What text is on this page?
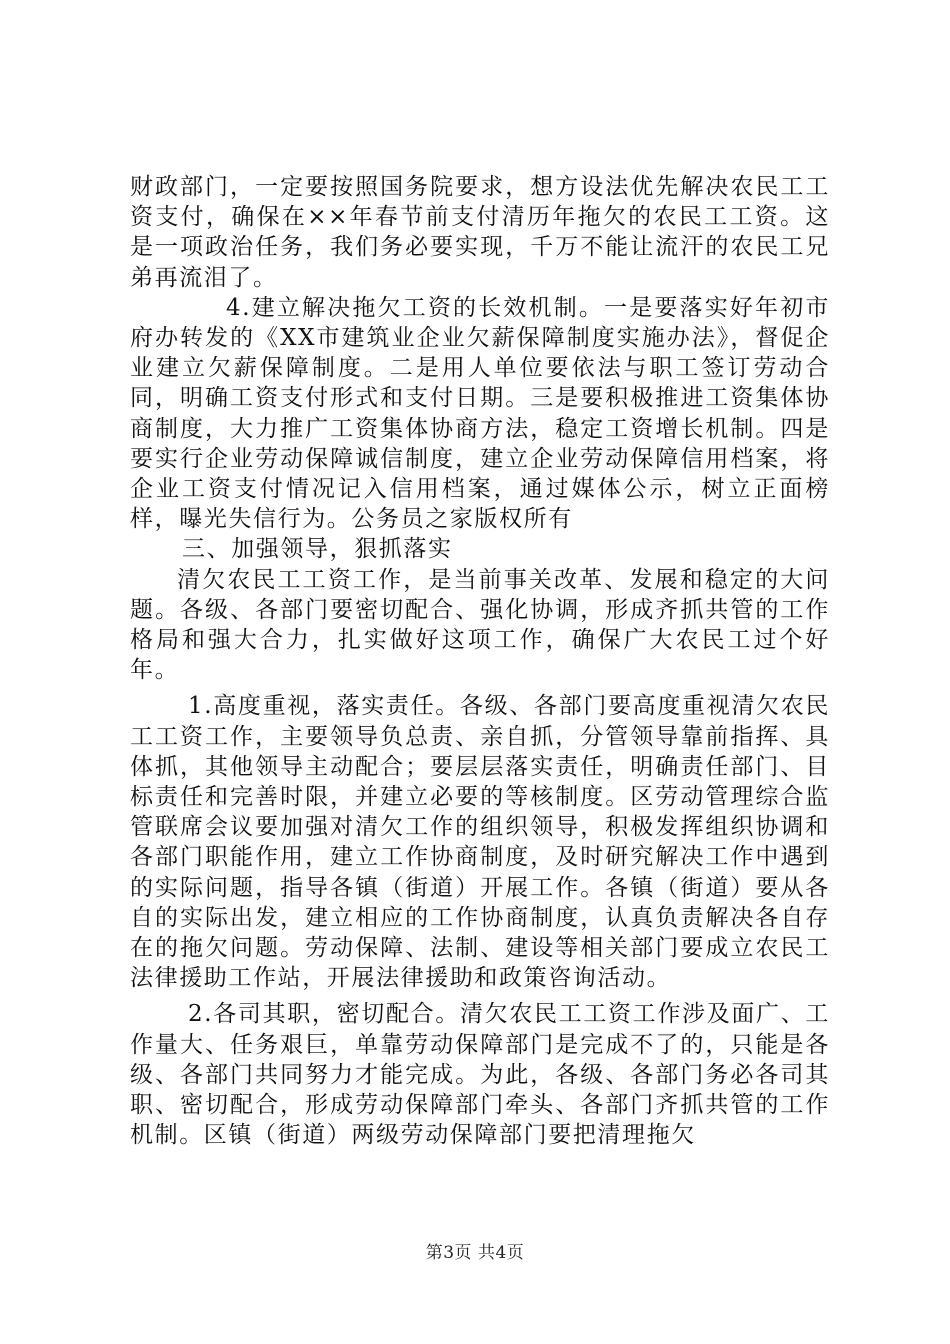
财政部门，一定要按照国务院要求，想方设法优先解决农民工工资支付，确保在××年春节前支付清历年拖欠的农民工工资。这是一项政治任务，我们务必要实现，千万不能让流汗的农民工兄弟再流泪了。

4.建立解决拖欠工资的长效机制。一是要落实好年初市府办转发的《XX市建筑业企业欠薪保障制度实施办法》，督促企业建立欠薪保障制度。二是用人单位要依法与职工签订劳动合同，明确工资支付形式和支付日期。三是要积极推进工资集体协商制度，大力推广工资集体协商方法，稳定工资增长机制。四是要实行企业劳动保障诚信制度，建立企业劳动保障信用档案，将企业工资支付情况记入信用档案，通过媒体公示，树立正面榜样，曝光失信行为。公务员之家版权所有

三、加强领导，狠抓落实

清欠农民工工资工作，是当前事关改革、发展和稳定的大问题。各级、各部门要密切配合、强化协调，形成齐抓共管的工作格局和强大合力，扎实做好这项工作，确保广大农民工过个好年。

1.高度重视，落实责任。各级、各部门要高度重视清欠农民工工资工作，主要领导负总责、亲自抓，分管领导靠前指挥、具体抓，其他领导主动配合；要层层落实责任，明确责任部门、目标责任和完善时限，并建立必要的等核制度。区劳动管理综合监管联席会议要加强对清欠工作的组织领导，积极发挥组织协调和各部门职能作用，建立工作协商制度，及时研究解决工作中遇到的实际问题，指导各镇（街道）开展工作。各镇（街道）要从各自的实际出发，建立相应的工作协商制度，认真负责解决各自存在的拖欠问题。劳动保障、法制、建设等相关部门要成立农民工法律援助工作站，开展法律援助和政策咨询活动。

2.各司其职，密切配合。清欠农民工工资工作涉及面广、工作量大、任务艰巨，单靠劳动保障部门是完成不了的，只能是各级、各部门共同努力才能完成。为此，各级、各部门务必各司其职、密切配合，形成劳动保障部门牵头、各部门齐抓共管的工作机制。区镇（街道）两级劳动保障部门要把清理拖欠

第3页 共4页
